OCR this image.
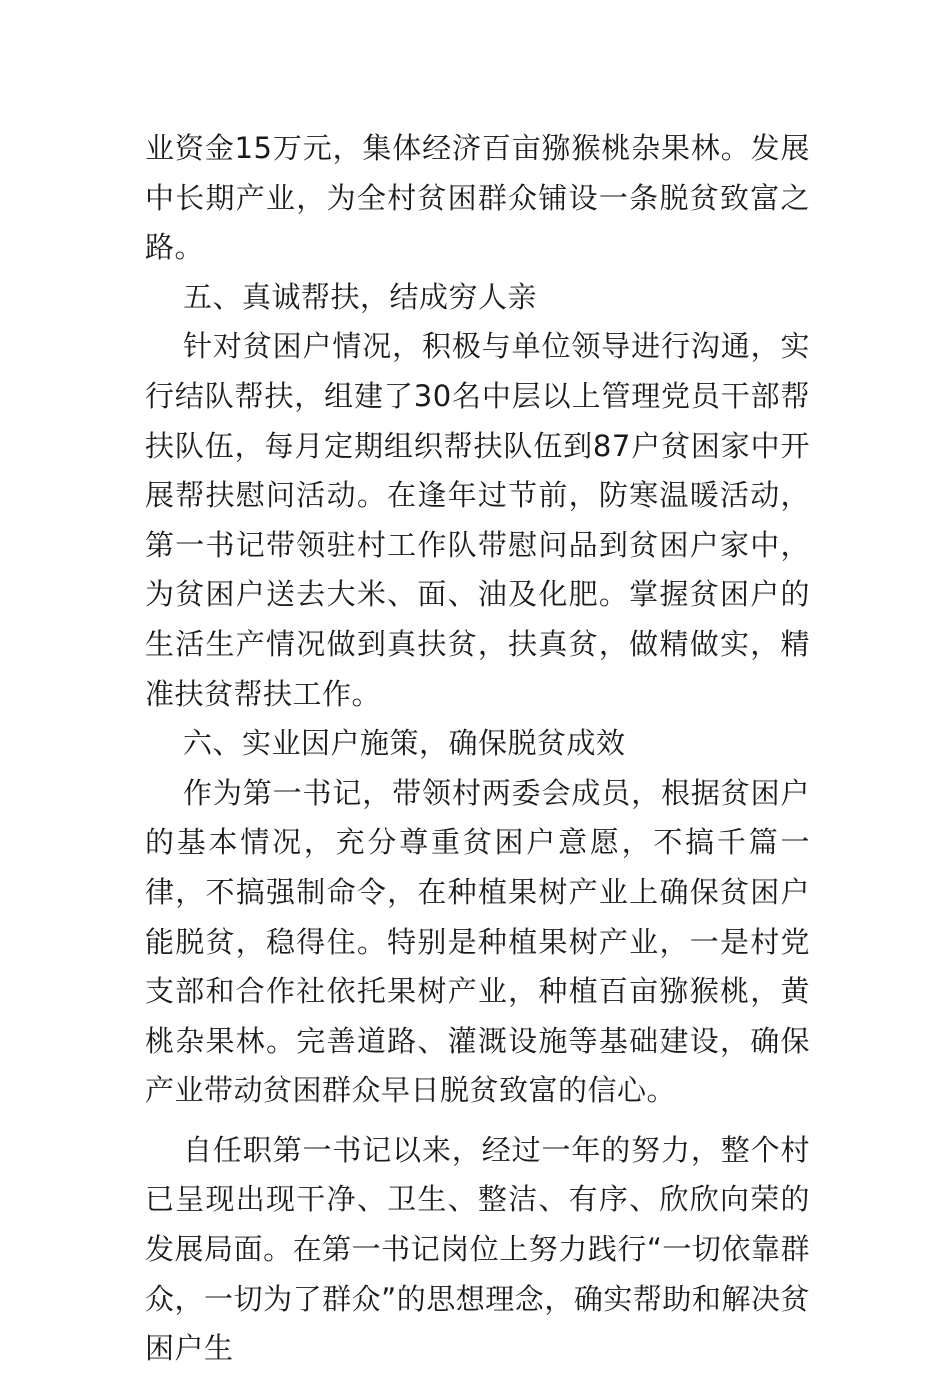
业资金15万元，集体经济百亩猕猴桃杂果林。发展中长期产业，为全村贫困群众铺设一条脱贫致富之路。

五、真诚帮扶，结成穷人亲

针对贫困户情况，积极与单位领导进行沟通，实行结队帮扶，组建了30名中层以上管理党员干部帮扶队伍，每月定期组织帮扶队伍到87户贫困家中开展帮扶慰问活动。在逢年过节前，防寒温暖活动，第一书记带领驻村工作队带慰问品到贫困户家中，为贫困户送去大米、面、油及化肥。掌握贫困户的生活生产情况做到真扶贫，扶真贫，做精做实，精准扶贫帮扶工作。

六、实业因户施策，确保脱贫成效

作为第一书记，带领村两委会成员，根据贫困户的基本情况，充分尊重贫困户意愿，不搞千篇一律，不搞强制命令，在种植果树产业上确保贫困户能脱贫，稳得住。特别是种植果树产业，一是村党支部和合作社依托果树产业，种植百亩猕猴桃，黄桃杂果林。完善道路、灌溉设施等基础建设，确保产业带动贫困群众早日脱贫致富的信心。

自任职第一书记以来，经过一年的努力，整个村已呈现出现干净、卫生、整洁、有序、欣欣向荣的发展局面。在第一书记岗位上努力践行“一切依靠群众，一切为了群众”的思想理念，确实帮助和解决贫困户生
